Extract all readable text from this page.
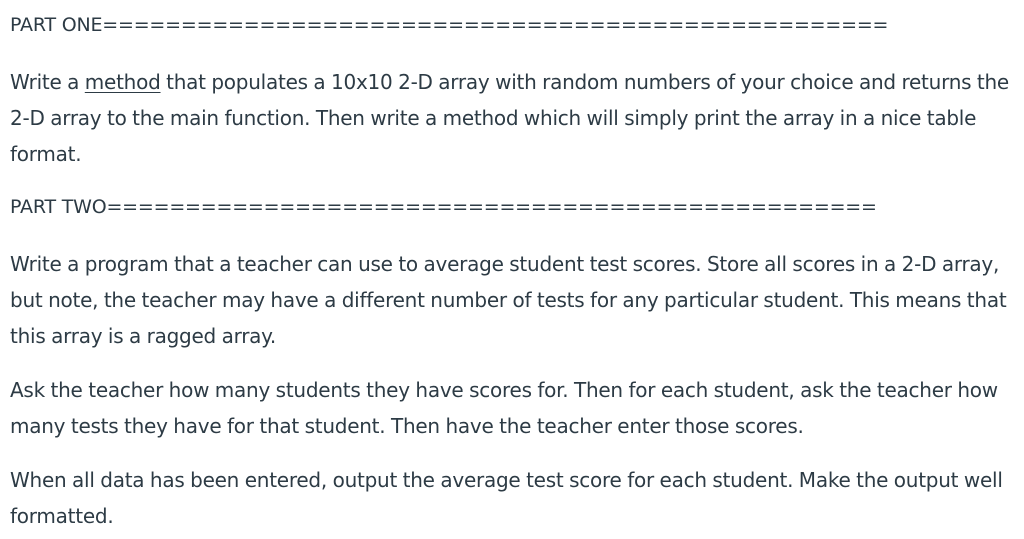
PART ONE==================================================

Write a method that populates a 10x10 2-D array with random numbers of your choice and returns the 2-D array to the main function. Then write a method which will simply print the array in a nice table format.

PART TWO=================================================

Write a program that a teacher can use to average student test scores. Store all scores in a 2-D array, but note, the teacher may have a different number of tests for any particular student. This means that this array is a ragged array.

Ask the teacher how many students they have scores for. Then for each student, ask the teacher how many tests they have for that student. Then have the teacher enter those scores.

When all data has been entered, output the average test score for each student. Make the output well formatted.
